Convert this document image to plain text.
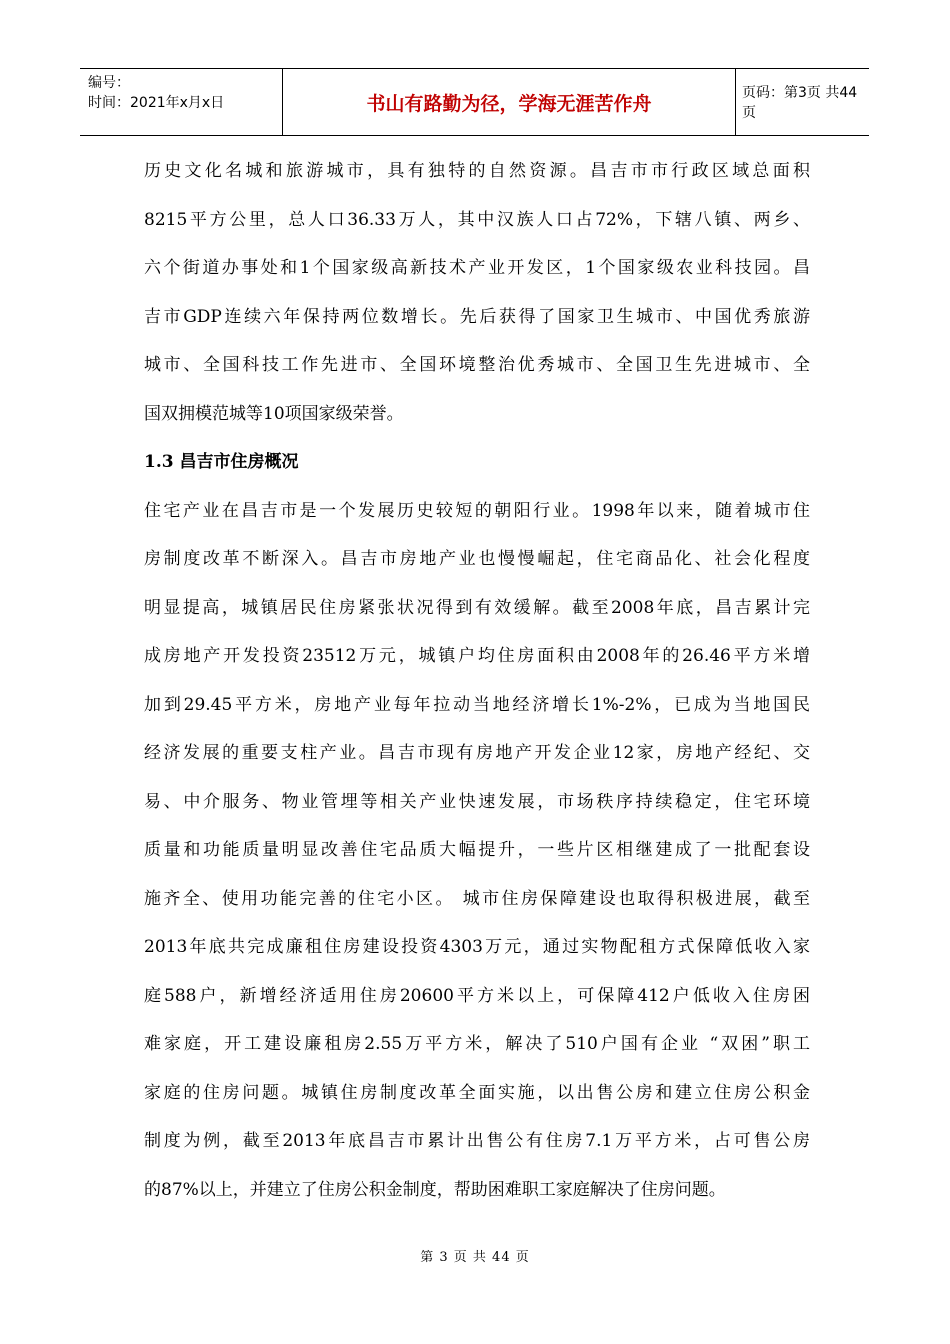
编号：
时间：2021年x月x日	书山有路勤为径，学海无涯苦作舟	页码：第3页 共44页
历史文化名城和旅游城市，具有独特的自然资源。昌吉市市行政区域总面积
8215平方公里，总人口36.33万人，其中汉族人口占72%，下辖八镇、两乡、
六个街道办事处和1个国家级高新技术产业开发区，1个国家级农业科技园。昌
吉市GDP连续六年保持两位数增长。先后获得了国家卫生城市、中国优秀旅游
城市、全国科技工作先进市、全国环境整治优秀城市、全国卫生先进城市、全
国双拥模范城等10项国家级荣誉。
1.3 昌吉市住房概况
住宅产业在昌吉市是一个发展历史较短的朝阳行业。1998年以来，随着城市住
房制度改革不断深入。昌吉市房地产业也慢慢崛起，住宅商品化、社会化程度
明显提高，城镇居民住房紧张状况得到有效缓解。截至2008年底，昌吉累计完
成房地产开发投资23512万元，城镇户均住房面积由2008年的26.46平方米增
加到29.45平方米，房地产业每年拉动当地经济增长1%-2%，已成为当地国民
经济发展的重要支柱产业。昌吉市现有房地产开发企业12家，房地产经纪、交
易、中介服务、物业管埋等相关产业快速发展，市场秩序持续稳定，住宅环境
质量和功能质量明显改善住宅品质大幅提升，一些片区相继建成了一批配套设
施齐全、使用功能完善的住宅小区。 城市住房保障建设也取得积极进展，截至
2013年底共完成廉租住房建设投资4303万元，通过实物配租方式保障低收入家
庭588户，新增经济适用住房20600平方米以上，可保障412户低收入住房困
难家庭，开工建设廉租房2.55万平方米，解决了510户国有企业 “双困”职工
家庭的住房问题。城镇住房制度改革全面实施，以出售公房和建立住房公积金
制度为例，截至2013年底昌吉市累计出售公有住房7.1万平方米，占可售公房
的87%以上，并建立了住房公积金制度，帮助困难职工家庭解决了住房问题。
第 3 页 共 44 页
